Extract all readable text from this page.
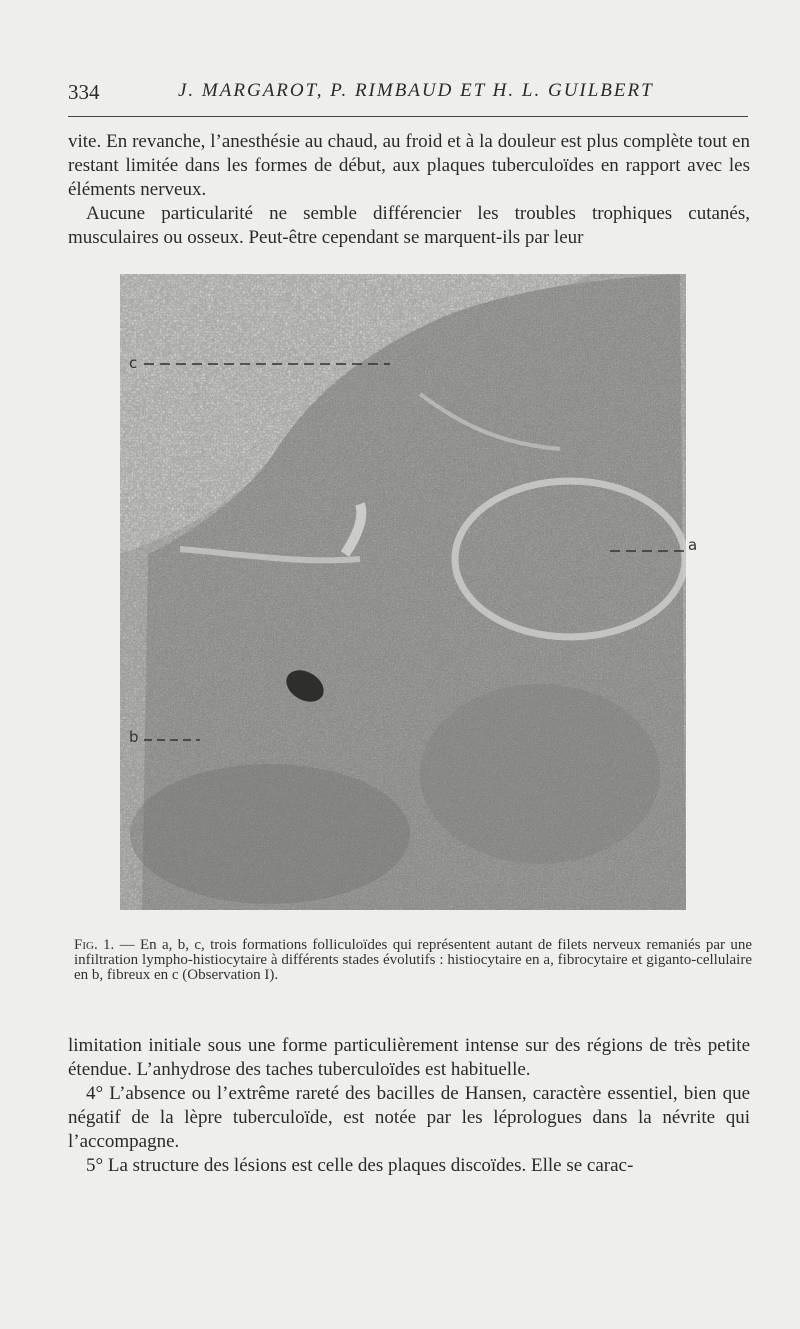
334	J. MARGAROT, P. RIMBAUD ET H. L. GUILBERT
vite. En revanche, l’anesthésie au chaud, au froid et à la douleur est plus complète tout en restant limitée dans les formes de début, aux plaques tuberculoïdes en rapport avec les éléments nerveux.
Aucune particularité ne semble différencier les troubles trophiques cutanés, musculaires ou osseux. Peut-être cependant se marquent-ils par leur
c
a
b

Fig. 1. — En a, b, c, trois formations folliculoïdes qui représentent autant de filets nerveux remaniés par une infiltration lympho-histiocytaire à différents stades évolutifs : histiocytaire en a, fibrocytaire et giganto-cellulaire en b, fibreux en c (Observation I).

limitation initiale sous une forme particulièrement intense sur des régions de très petite étendue. L’anhydrose des taches tuberculoïdes est habituelle.
4° L’absence ou l’extrême rareté des bacilles de Hansen, caractère essentiel, bien que négatif de la lèpre tuberculoïde, est notée par les léprologues dans la névrite qui l’accompagne.
5° La structure des lésions est celle des plaques discoïdes. Elle se carac-
